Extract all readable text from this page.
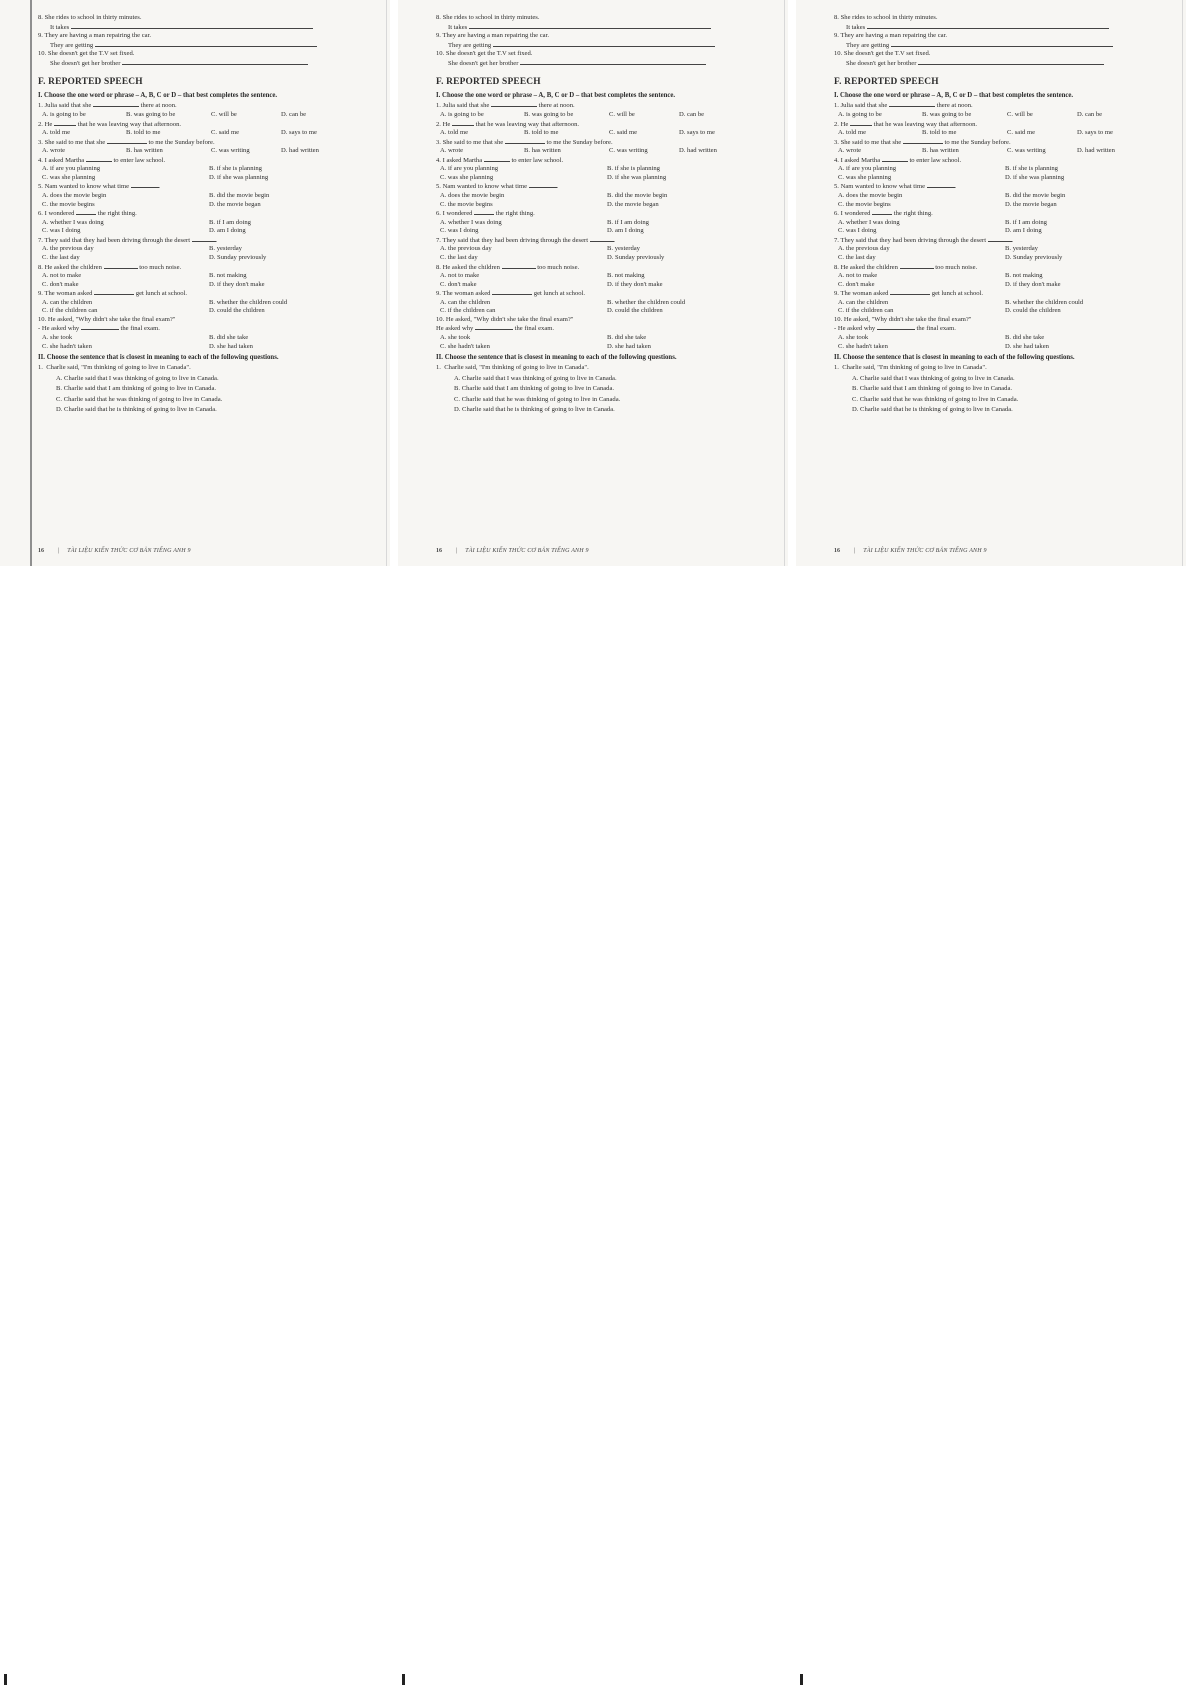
8. She rides to school in thirty minutes.
It takes
9. They are having a man repairing the car.
They are getting
10. She doesn't get the T.V set fixed.
She doesn't get her brother
F. REPORTED SPEECH
I. Choose the one word or phrase – A, B, C or D – that best completes the sentence.
1. Julia said that she	there at noon.
A. is going to be	B. was going to be	C. will be	D. can be
2. He	that he was leaving way that afternoon.
A. told me	B. told to me	C. said me	D. says to me
3. She said to me that she	to me the Sunday before.
A. wrote	B. has written	C. was writing	D. had written
4. I asked Martha	to enter law school.
A. if are you planning	B. if she is planning
C. was she planning	D. if she was planning
5. Nam wanted to know what time	.
A. does the movie begin	B. did the movie begin
C. the movie begins	D. the movie began
6. I wondered	the right thing.
A. whether I was doing	B. if I am doing
C. was I doing	D. am I doing
7. They said that they had been driving through the desert	.
A. the previous day	B. yesterday
C. the last day	D. Sunday previously
8. He asked the children	too much noise.
A. not to make	B. not making
C. don't make	D. if they don't make
9. The woman asked	get lunch at school.
A. can the children	B. whether the children could
C. if the children can	D. could the children
10. He asked, "Why didn't she take the final exam?"
- He asked why	the final exam.
A. she took	B. did she take
C. she hadn't taken	D. she had taken
II. Choose the sentence that is closest in meaning to each of the following questions.
1. Charlie said, "I'm thinking of going to live in Canada".
A. Charlie said that I was thinking of going to live in Canada.
B. Charlie said that I am thinking of going to live in Canada.
C. Charlie said that he was thinking of going to live in Canada.
D. Charlie said that he is thinking of going to live in Canada.
16 | TÀI LIỆU KIẾN THỨC CƠ BẢN TIẾNG ANH 9
8. She rides to school in thirty minutes.
It takes
9. They are having a man repairing the car.
They are getting
10. She doesn't get the T.V set fixed.
She doesn't get her brother
F. REPORTED SPEECH
I. Choose the one word or phrase – A, B, C or D – that best completes the sentence.
1. Julia said that she	there at noon.
A. is going to be	B. was going to be	C. will be	D. can be
2. He	that he was leaving way that afternoon.
A. told me	B. told to me	C. said me	D. says to me
3. She said to me that she	to me the Sunday before.
A. wrote	B. has written	C. was writing	D. had written
4. I asked Martha	to enter law school.
A. if are you planning	B. if she is planning
C. was she planning	D. if she was planning
5. Nam wanted to know what time	.
A. does the movie begin	B. did the movie begin
C. the movie begins	D. the movie began
6. I wondered	the right thing.
A. whether I was doing	B. if I am doing
C. was I doing	D. am I doing
7. They said that they had been driving through the desert	.
A. the previous day	B. yesterday
C. the last day	D. Sunday previously
8. He asked the children	too much noise.
A. not to make	B. not making
C. don't make	D. if they don't make
9. The woman asked	get lunch at school.
A. can the children	B. whether the children could
C. if the children can	D. could the children
10. He asked, "Why didn't she take the final exam?"
He asked why	the final exam.
A. she took	B. did she take
C. she hadn't taken	D. she had taken
II. Choose the sentence that is closest in meaning to each of the following questions.
1. Charlie said, "I'm thinking of going to live in Canada".
A. Charlie said that I was thinking of going to live in Canada.
B. Charlie said that I am thinking of going to live in Canada.
C. Charlie said that he was thinking of going to live in Canada.
D. Charlie said that he is thinking of going to live in Canada.
16 | TÀI LIỆU KIẾN THỨC CƠ BẢN TIẾNG ANH 9
8. She rides to school in thirty minutes.
It takes
9. They are having a man repairing the car.
They are getting
10. She doesn't get the T.V set fixed.
She doesn't get her brother
F. REPORTED SPEECH
I. Choose the one word or phrase – A, B, C or D – that best completes the sentence.
1. Julia said that she	there at noon.
A. is going to be	B. was going to be	C. will be	D. can be
2. He	that he was leaving way that afternoon.
A. told me	B. told to me	C. said me	D. says to me
3. She said to me that she	to me the Sunday before.
A. wrote	B. has written	C. was writing	D. had written
4. I asked Martha	to enter law school.
A. if are you planning	B. if she is planning
C. was she planning	D. if she was planning
5. Nam wanted to know what time	.
A. does the movie begin	B. did the movie begin
C. the movie begins	D. the movie began
6. I wondered	the right thing.
A. whether I was doing	B. if I am doing
C. was I doing	D. am I doing
7. They said that they had been driving through the desert	.
A. the previous day	B. yesterday
C. the last day	D. Sunday previously
8. He asked the children	too much noise.
A. not to make	B. not making
C. don't make	D. if they don't make
9. The woman asked	get lunch at school.
A. can the children	B. whether the children could
C. if the children can	D. could the children
10. He asked, "Why didn't she take the final exam?"
- He asked why	the final exam.
A. she took	B. did she take
C. she hadn't taken	D. she had taken
II. Choose the sentence that is closest in meaning to each of the following questions.
1. Charlie said, "I'm thinking of going to live in Canada".
A. Charlie said that I was thinking of going to live in Canada.
B. Charlie said that I am thinking of going to live in Canada.
C. Charlie said that he was thinking of going to live in Canada.
D. Charlie said that he is thinking of going to live in Canada.
16 | TÀI LIỆU KIẾN THỨC CƠ BẢN TIẾNG ANH 9
